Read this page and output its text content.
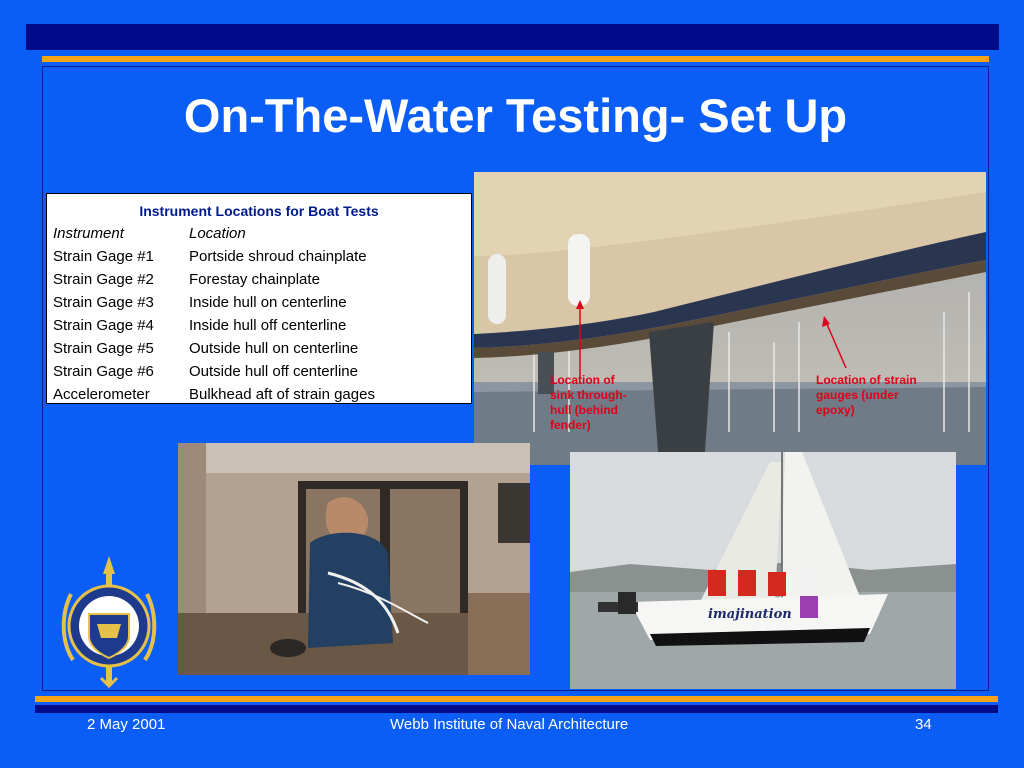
On-The-Water Testing- Set Up
Instrument Locations for Boat Tests
Instrument	Location
Strain Gage #1	Portside shroud chainplate
Strain Gage #2	Forestay chainplate
Strain Gage #3	Inside hull on centerline
Strain Gage #4	Inside hull off centerline
Strain Gage #5	Outside hull on centerline
Strain Gage #6	Outside hull off centerline
Accelerometer	Bulkhead aft of strain gages
Location of
sink through-
hull (behind
fender)
Location of strain
gauges (under
epoxy)
imajination
2 May 2001	Webb Institute of Naval Architecture	34
